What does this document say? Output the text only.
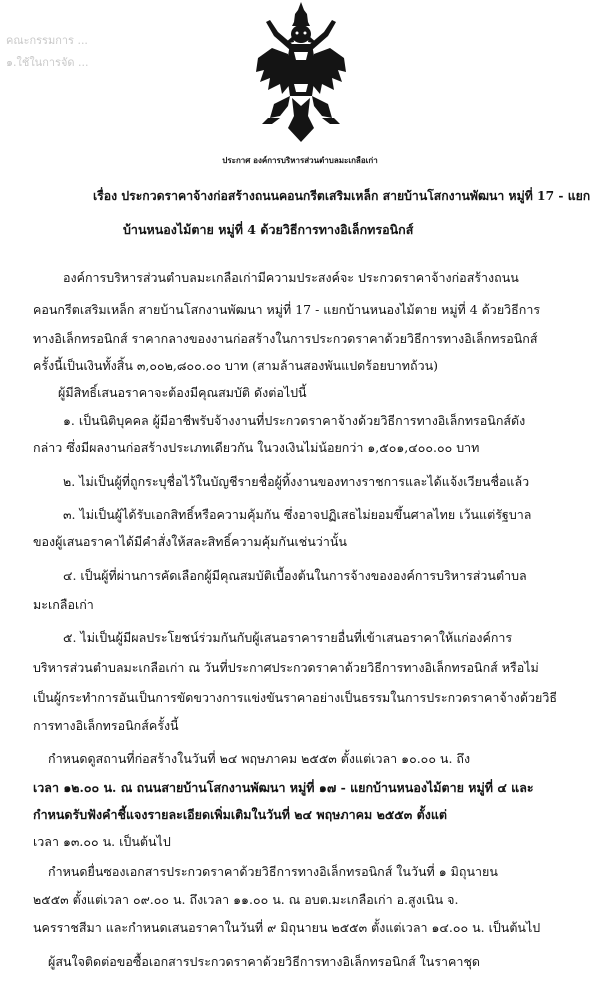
คณะกรรมการ ...
๑.ใช้ในการจัด ...
ประกาศ องค์การบริหารส่วนตำบลมะเกลือเก่า
เรื่อง ประกวดราคาจ้างก่อสร้างถนนคอนกรีตเสริมเหล็ก สายบ้านโสกงานพัฒนา หมู่ที่ 17 - แยก
บ้านหนองไม้ตาย หมู่ที่ 4 ด้วยวิธีการทางอิเล็กทรอนิกส์
องค์การบริหารส่วนตำบลมะเกลือเก่ามีความประสงค์จะ ประกวดราคาจ้างก่อสร้างถนน
คอนกรีตเสริมเหล็ก สายบ้านโสกงานพัฒนา หมู่ที่ 17 - แยกบ้านหนองไม้ตาย หมู่ที่ 4 ด้วยวิธีการ
ทางอิเล็กทรอนิกส์ ราคากลางของงานก่อสร้างในการประกวดราคาด้วยวิธีการทางอิเล็กทรอนิกส์
ครั้งนี้เป็นเงินทั้งสิ้น ๓,๐๐๒,๘๐๐.๐๐ บาท (สามล้านสองพันแปดร้อยบาทถ้วน)
ผู้มีสิทธิ์เสนอราคาจะต้องมีคุณสมบัติ ดังต่อไปนี้
๑. เป็นนิติบุคคล ผู้มีอาชีพรับจ้างงานที่ประกวดราคาจ้างด้วยวิธีการทางอิเล็กทรอนิกส์ดัง
กล่าว ซึ่งมีผลงานก่อสร้างประเภทเดียวกัน ในวงเงินไม่น้อยกว่า ๑,๕๐๑,๔๐๐.๐๐ บาท
๒. ไม่เป็นผู้ที่ถูกระบุชื่อไว้ในบัญชีรายชื่อผู้ทิ้งงานของทางราชการและได้แจ้งเวียนชื่อแล้ว
๓. ไม่เป็นผู้ได้รับเอกสิทธิ์หรือความคุ้มกัน ซึ่งอาจปฏิเสธไม่ยอมขึ้นศาลไทย เว้นแต่รัฐบาล
ของผู้เสนอราคาได้มีคำสั่งให้สละสิทธิ์ความคุ้มกันเช่นว่านั้น
๔. เป็นผู้ที่ผ่านการคัดเลือกผู้มีคุณสมบัติเบื้องต้นในการจ้างขององค์การบริหารส่วนตำบล
มะเกลือเก่า
๕. ไม่เป็นผู้มีผลประโยชน์ร่วมกันกับผู้เสนอราคารายอื่นที่เข้าเสนอราคาให้แก่องค์การ
บริหารส่วนตำบลมะเกลือเก่า ณ วันที่ประกาศประกวดราคาด้วยวิธีการทางอิเล็กทรอนิกส์ หรือไม่
เป็นผู้กระทำการอันเป็นการขัดขวางการแข่งขันราคาอย่างเป็นธรรมในการประกวดราคาจ้างด้วยวิธี
การทางอิเล็กทรอนิกส์ครั้งนี้
กำหนดดูสถานที่ก่อสร้างในวันที่ ๒๔ พฤษภาคม ๒๕๕๓ ตั้งแต่เวลา ๑๐.๐๐ น. ถึง
เวลา ๑๒.๐๐ น. ณ ถนนสายบ้านโสกงานพัฒนา หมู่ที่ ๑๗ - แยกบ้านหนองไม้ตาย หมู่ที่ ๔ และ
กำหนดรับฟังคำชี้แจงรายละเอียดเพิ่มเติมในวันที่ ๒๔ พฤษภาคม ๒๕๕๓ ตั้งแต่
เวลา ๑๓.๐๐ น. เป็นต้นไป
กำหนดยื่นซองเอกสารประกวดราคาด้วยวิธีการทางอิเล็กทรอนิกส์ ในวันที่ ๑ มิถุนายน
๒๕๕๓ ตั้งแต่เวลา ๐๙.๐๐ น. ถึงเวลา ๑๑.๐๐ น. ณ อบต.มะเกลือเก่า อ.สูงเนิน จ.
นครราชสีมา และกำหนดเสนอราคาในวันที่ ๙ มิถุนายน ๒๕๕๓ ตั้งแต่เวลา ๑๔.๐๐ น. เป็นต้นไป
ผู้สนใจติดต่อขอซื้อเอกสารประกวดราคาด้วยวิธีการทางอิเล็กทรอนิกส์ ในราคาชุด
